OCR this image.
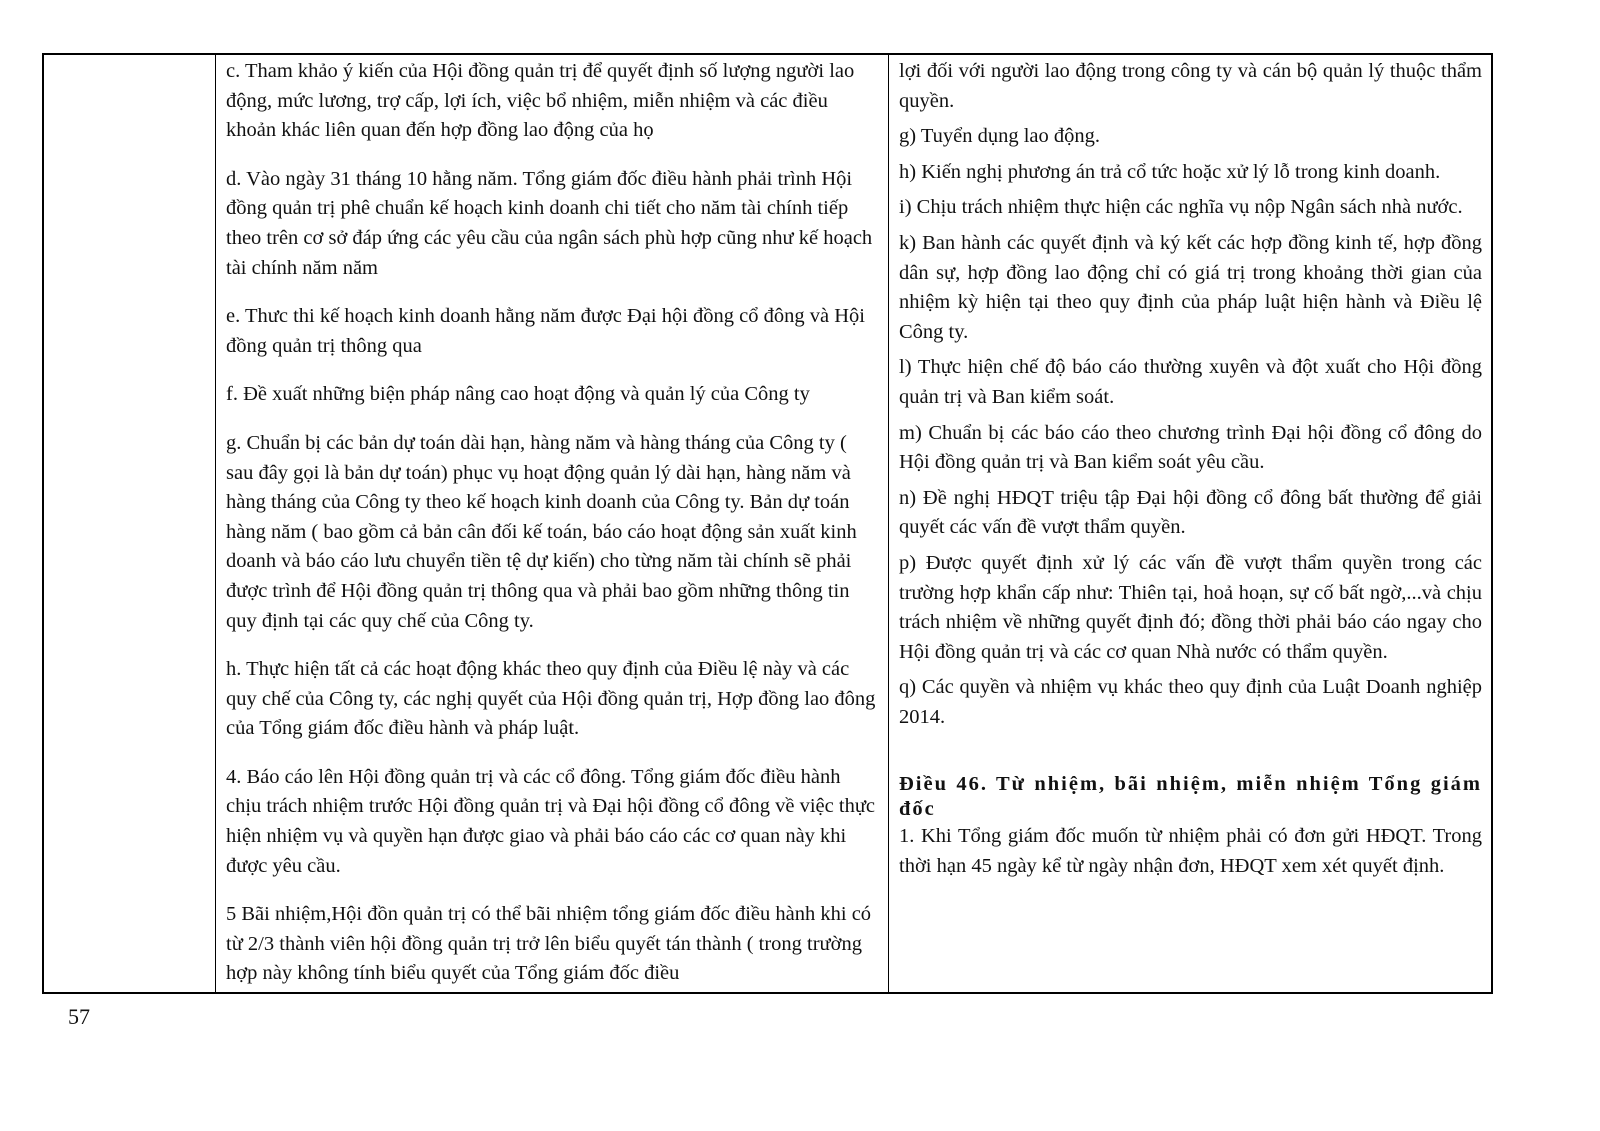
c. Tham khảo ý kiến của Hội đồng quản trị để quyết định số lượng người lao động, mức lương, trợ cấp, lợi ích, việc bổ nhiệm, miễn nhiệm và các điều khoản khác liên quan đến hợp đồng lao động của họ

d. Vào ngày 31 tháng 10 hằng năm. Tổng giám đốc điều hành phải trình Hội đồng quản trị phê chuẩn kế hoạch kinh doanh chi tiết cho năm tài chính tiếp theo trên cơ sở đáp ứng các yêu cầu của ngân sách phù hợp cũng như kế hoạch tài chính năm năm

e. Thưc thi kế hoạch kinh doanh hằng năm được Đại hội đồng cổ đông và Hội đồng quản trị thông qua

f. Đề xuất những biện pháp nâng cao hoạt động và quản lý của Công ty

g. Chuẩn bị các bản dự toán dài hạn, hàng năm và hàng tháng của Công ty ( sau đây gọi là bản dự toán) phục vụ hoạt động quản lý dài hạn, hàng năm và hàng tháng của Công ty theo kế hoạch kinh doanh của Công ty. Bản dự toán hàng năm ( bao gồm cả bản cân đối kế toán, báo cáo hoạt động sản xuất kinh doanh và báo cáo lưu chuyển tiền tệ dự kiến) cho từng năm tài chính sẽ phải được trình để Hội đồng quản trị thông qua và phải bao gồm những thông tin quy định tại các quy chế của Công ty.

h. Thực hiện tất cả các hoạt động khác theo quy định của Điều lệ này và các quy chế của Công ty, các nghị quyết của Hội đồng quản trị, Hợp đồng lao đông của Tổng giám đốc điều hành và pháp luật.

4. Báo cáo lên Hội đồng quản trị và các cổ đông. Tổng giám đốc điều hành chịu trách nhiệm trước Hội đồng quản trị và Đại hội đồng cổ đông về việc thực hiện nhiệm vụ và quyền hạn được giao và phải báo cáo các cơ quan này khi được yêu cầu.

5 Bãi nhiệm,Hội đồn quản trị có thể bãi nhiệm tổng giám đốc điều hành khi có từ 2/3 thành viên hội đồng quản trị trở lên biểu quyết tán thành ( trong trường hợp này không tính biểu quyết của Tổng giám đốc điều

lợi đối với người lao động trong công ty và cán bộ quản lý thuộc thẩm quyền.

g) Tuyển dụng lao động.

h) Kiến nghị phương án trả cổ tức hoặc xử lý lỗ trong kinh doanh.

i) Chịu trách nhiệm thực hiện các nghĩa vụ nộp Ngân sách nhà nước.

k) Ban hành các quyết định và ký kết các hợp đồng kinh tế, hợp đồng dân sự, hợp đồng lao động chỉ có giá trị trong khoảng thời gian của nhiệm kỳ hiện tại theo quy định của pháp luật hiện hành và Điều lệ Công ty.

l) Thực hiện chế độ báo cáo thường xuyên và đột xuất cho Hội đồng quản trị và Ban kiểm soát.

m) Chuẩn bị các báo cáo theo chương trình Đại hội đồng cổ đông do Hội đồng quản trị và Ban kiểm soát yêu cầu.

n) Đề nghị HĐQT triệu tập Đại hội đồng cổ đông bất thường để giải quyết các vấn đề vượt thẩm quyền.

p) Được quyết định xử lý các vấn đề vượt thẩm quyền trong các trường hợp khẩn cấp như: Thiên tại, hoả hoạn, sự cố bất ngờ,...và chịu trách nhiệm về những quyết định đó; đồng thời phải báo cáo ngay cho Hội đồng quản trị và các cơ quan Nhà nước có thẩm quyền.

q) Các quyền và nhiệm vụ khác theo quy định của Luật Doanh nghiệp 2014.

Điều 46. Từ nhiệm, bãi nhiệm, miễn nhiệm Tổng giám đốc

1. Khi Tổng giám đốc muốn từ nhiệm phải có đơn gửi HĐQT. Trong thời hạn 45 ngày kể từ ngày nhận đơn, HĐQT xem xét quyết định.

57
